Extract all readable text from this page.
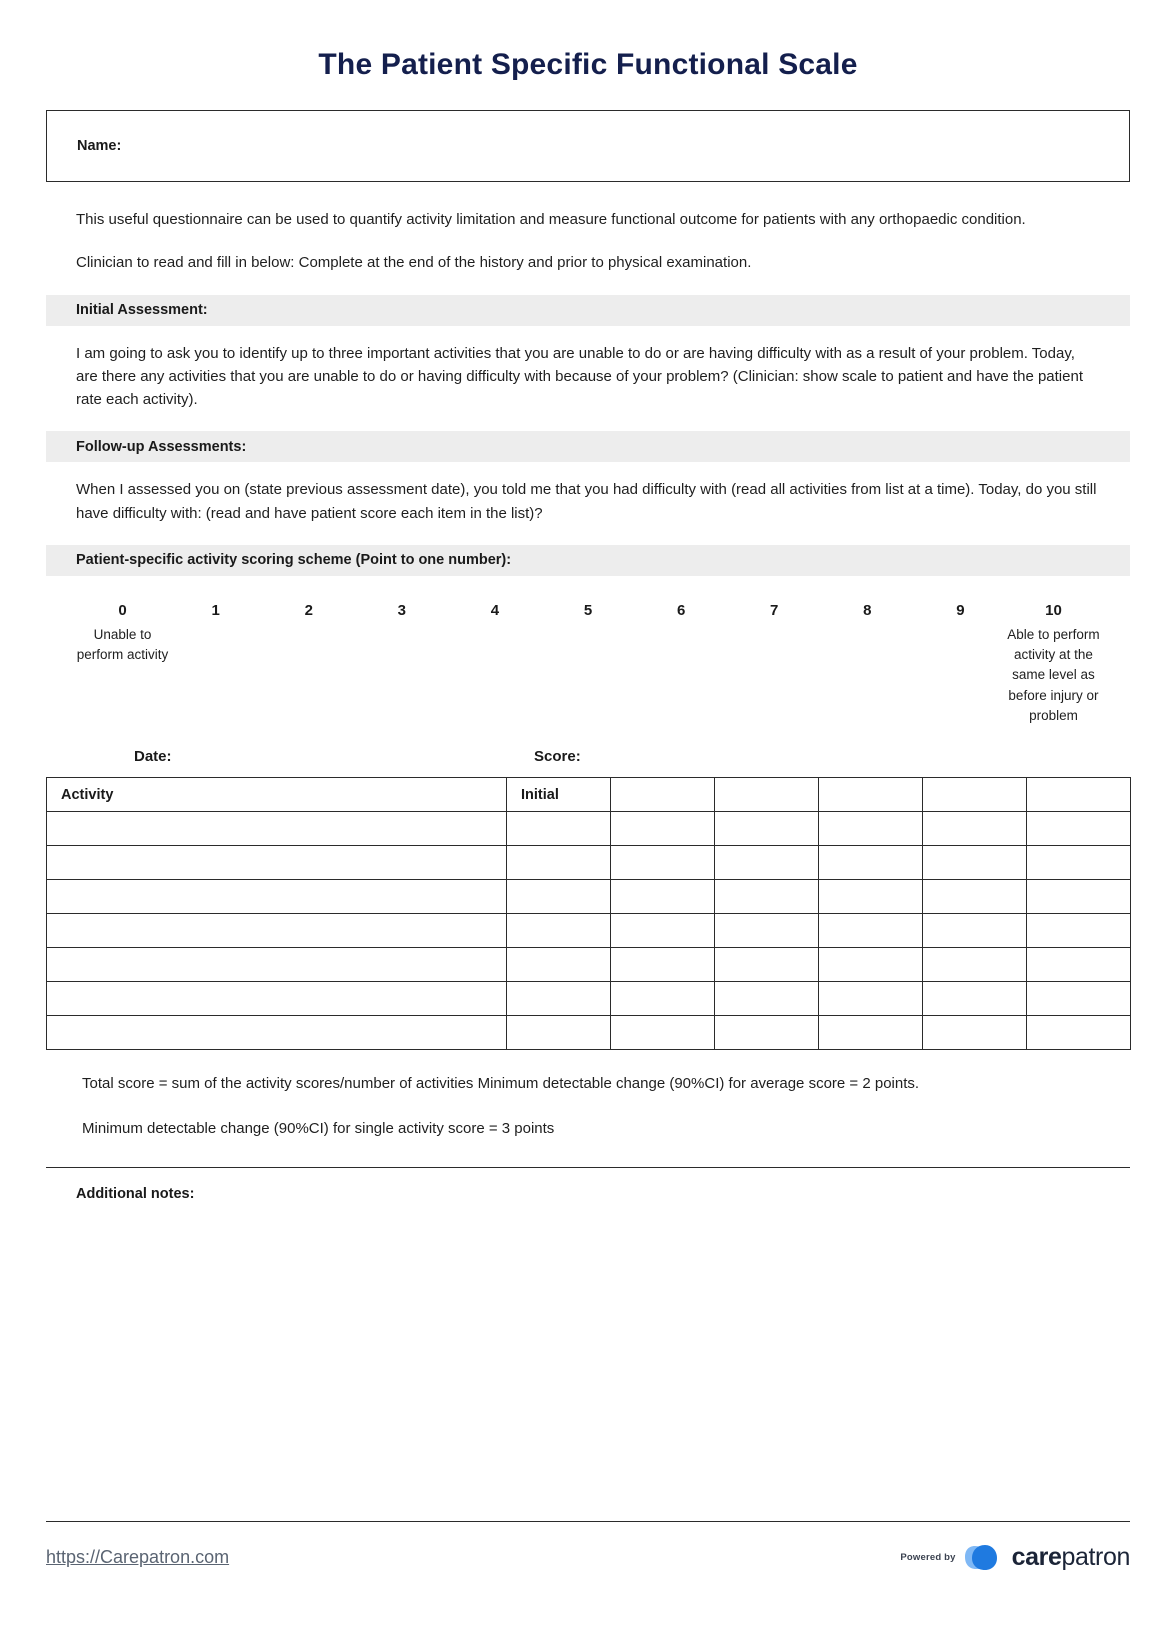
The Patient Specific Functional Scale
Name:

This useful questionnaire can be used to quantify activity limitation and measure functional outcome for patients with any orthopaedic condition.

Clinician to read and fill in below: Complete at the end of the history and prior to physical examination.

Initial Assessment:

I am going to ask you to identify up to three important activities that you are unable to do or are having difficulty with as a result of your problem. Today, are there any activities that you are unable to do or having difficulty with because of your problem? (Clinician: show scale to patient and have the patient rate each activity).

Follow-up Assessments:

When I assessed you on (state previous assessment date), you told me that you had difficulty with (read all activities from list at a time). Today, do you still have difficulty with: (read and have patient score each item in the list)?

Patient-specific activity scoring scheme (Point to one number):
0	1	2	3	4	5	6	7	8	9	10
Unable to perform activity
Able to perform activity at the same level as before injury or problem
Date:	Score:
Activity	Initial					

Total score = sum of the activity scores/number of activities Minimum detectable change (90%CI) for average score = 2 points.

Minimum detectable change (90%CI) for single activity score = 3 points

Additional notes:
https://Carepatron.com	Powered by carepatron
